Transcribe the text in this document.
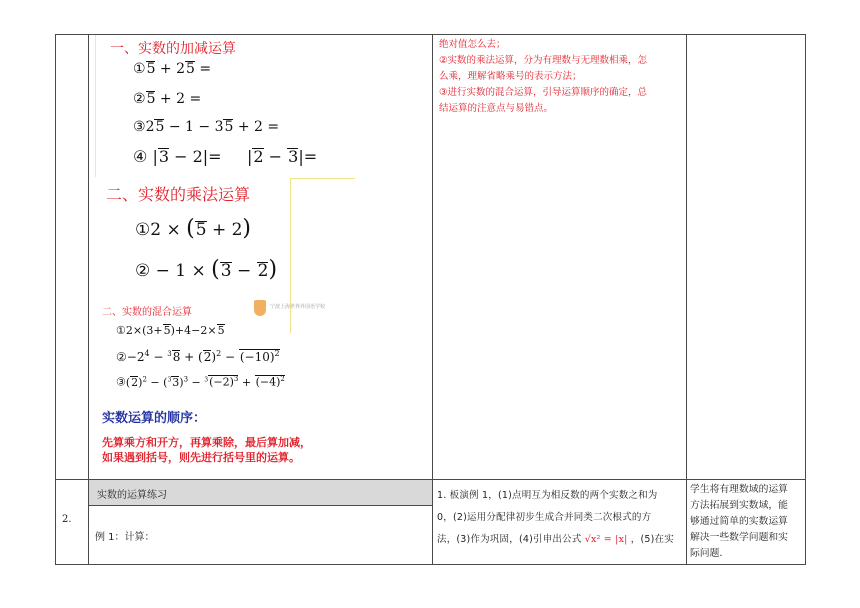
一、实数的加减运算
①5 + 25 =
②5 + 2 =
③25 − 1 − 35 + 2 =
④ |3 − 2|= |2 − 3|=
二、实数的乘法运算
①2 × (5 + 2)
② − 1 × (3 − 2)
二、实数的混合运算	宁波上海世界外国语学校
①2×(3+5)+4−2×5
$②-2^4 - ^38 + (2)^2 - (-10)^2$
$③(2)^2 - (^33)^3 - ^3(-2)^3 + (-4)^2$
实数运算的顺序：
先算乘方和开方，再算乘除，最后算加减，
如果遇到括号，则先进行括号里的运算。
绝对值怎么去；
②实数的乘法运算，分为有理数与无理数相乘，怎
么乘，理解省略乘号的表示方法；
③进行实数的混合运算，引导运算顺序的确定，总
结运算的注意点与易错点。
2.
实数的运算练习
例 1：计算：
1. 板演例 1，(1)点明互为相反数的两个实数之和为
0，(2)运用分配律初步生成合并同类二次根式的方
法，(3)作为巩固，(4)引申出公式 √x² = |x| ，(5)在实
学生将有理数域的运算
方法拓展到实数域，能
够通过简单的实数运算
解决一些数学问题和实
际问题.
